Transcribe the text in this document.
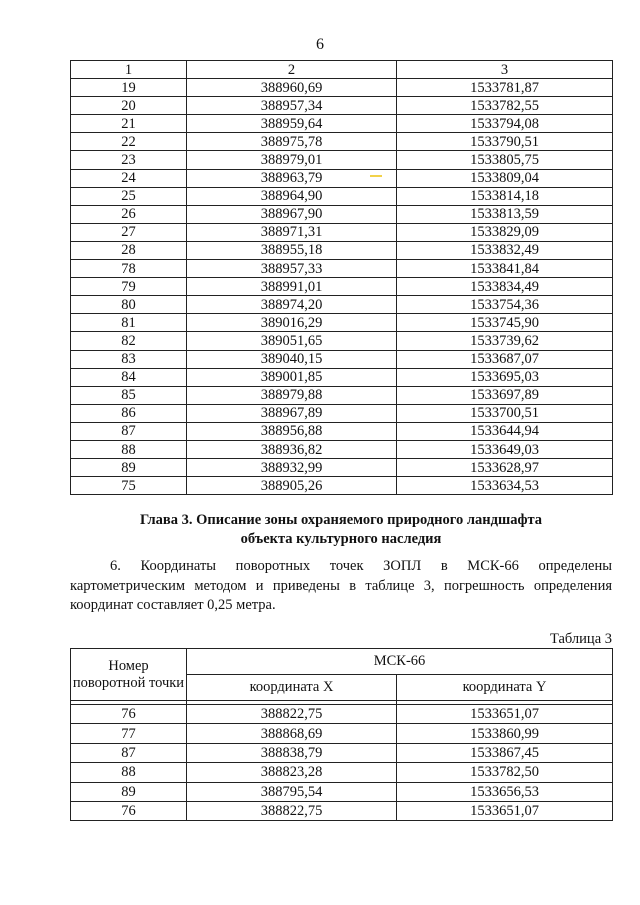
6
1	2	3
19	388960,69	1533781,87
20	388957,34	1533782,55
21	388959,64	1533794,08
22	388975,78	1533790,51
23	388979,01	1533805,75
24	388963,79	1533809,04
25	388964,90	1533814,18
26	388967,90	1533813,59
27	388971,31	1533829,09
28	388955,18	1533832,49
78	388957,33	1533841,84
79	388991,01	1533834,49
80	388974,20	1533754,36
81	389016,29	1533745,90
82	389051,65	1533739,62
83	389040,15	1533687,07
84	389001,85	1533695,03
85	388979,88	1533697,89
86	388967,89	1533700,51
87	388956,88	1533644,94
88	388936,82	1533649,03
89	388932,99	1533628,97
75	388905,26	1533634,53
Глава 3. Описание зоны охраняемого природного ландшафта
объекта культурного наследия
6. Координаты поворотных точек ЗОПЛ в МСК-66 определены
картометрическим методом и приведены в таблице 3, погрешность определения координат составляет 0,25 метра.
Таблица 3
Номер поворотной точки	МСК-66	
	координата X	координата Y

76	388822,75	1533651,07
77	388868,69	1533860,99
87	388838,79	1533867,45
88	388823,28	1533782,50
89	388795,54	1533656,53
76	388822,75	1533651,07
